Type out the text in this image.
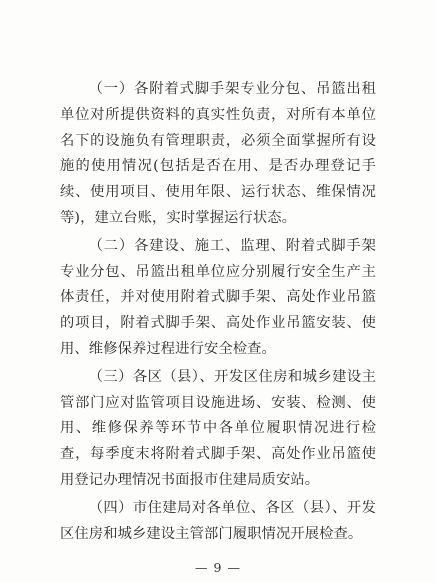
（一）各附着式脚手架专业分包、吊篮出租单位对所提供资料的真实性负责，对所有本单位名下的设施负有管理职责，必须全面掌握所有设施的使用情况(包括是否在用、是否办理登记手续、使用项目、使用年限、运行状态、维保情况等)，建立台账，实时掌握运行状态。

（二）各建设、施工、监理、附着式脚手架专业分包、吊篮出租单位应分别履行安全生产主体责任，并对使用附着式脚手架、高处作业吊篮的项目，附着式脚手架、高处作业吊篮安装、使用、维修保养过程进行安全检查。

（三）各区（县）、开发区住房和城乡建设主管部门应对监管项目设施进场、安装、检测、使用、维修保养等环节中各单位履职情况进行检查，每季度末将附着式脚手架、高处作业吊篮使用登记办理情况书面报市住建局质安站。

（四）市住建局对各单位、各区（县）、开发区住房和城乡建设主管部门履职情况开展检查。

— 9 —
